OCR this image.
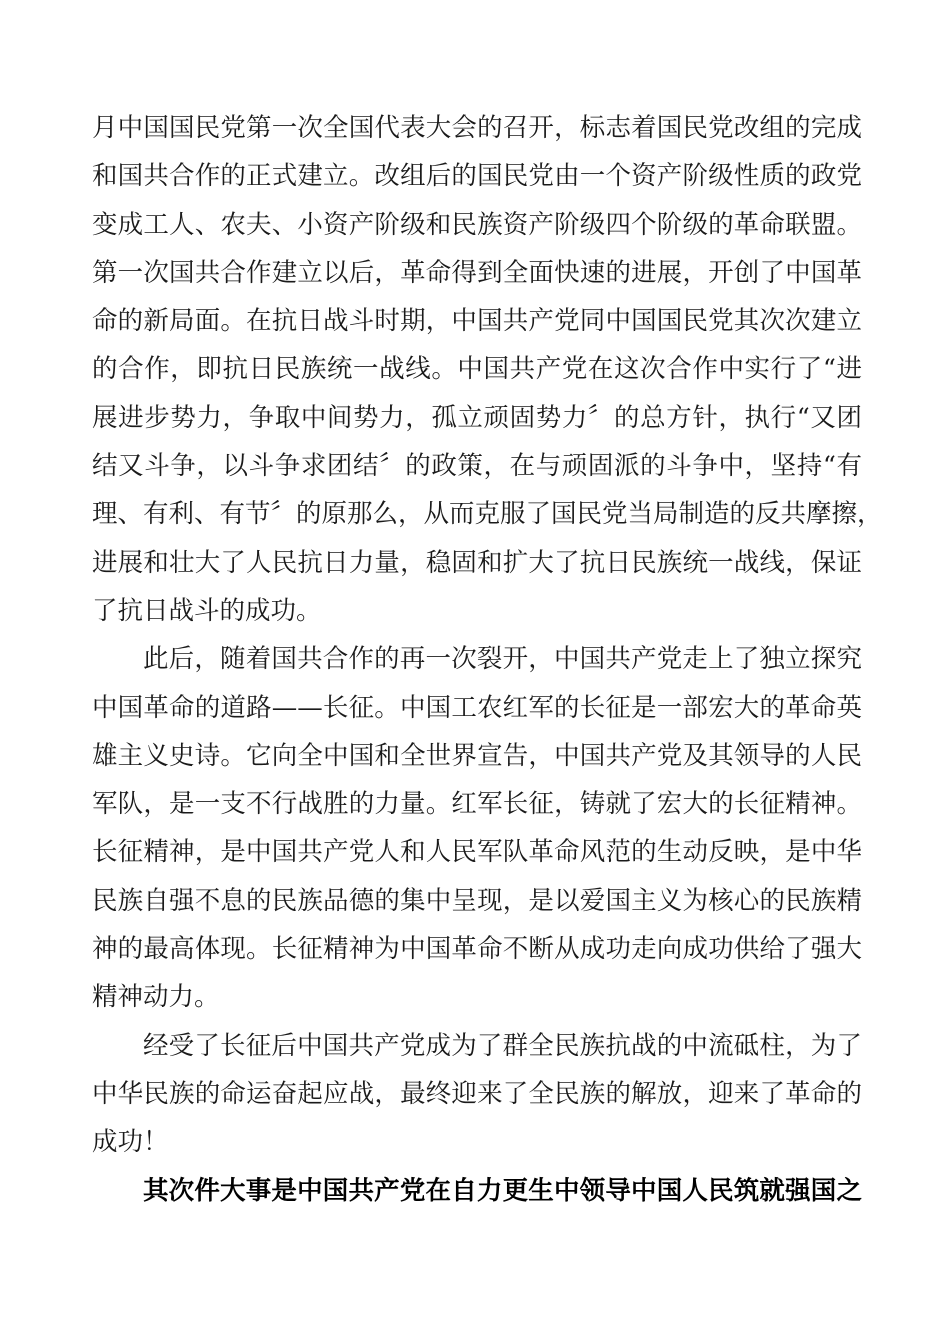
月中国国民党第一次全国代表大会的召开，标志着国民党改组的完成
和国共合作的正式建立。改组后的国民党由一个资产阶级性质的政党
变成工人、农夫、小资产阶级和民族资产阶级四个阶级的革命联盟。
第一次国共合作建立以后，革命得到全面快速的进展，开创了中国革
命的新局面。在抗日战斗时期，中国共产党同中国国民党其次次建立
的合作，即抗日民族统一战线。中国共产党在这次合作中实行了“进
展进步势力，争取中间势力，孤立顽固势力〞的总方针，执行“又团
结又斗争，以斗争求团结〞的政策，在与顽固派的斗争中，坚持“有
理、有利、有节〞的原那么，从而克服了国民党当局制造的反共摩擦，
进展和壮大了人民抗日力量，稳固和扩大了抗日民族统一战线，保证
了抗日战斗的成功。
此后，随着国共合作的再一次裂开，中国共产党走上了独立探究
中国革命的道路——长征。中国工农红军的长征是一部宏大的革命英
雄主义史诗。它向全中国和全世界宣告，中国共产党及其领导的人民
军队，是一支不行战胜的力量。红军长征，铸就了宏大的长征精神。
长征精神，是中国共产党人和人民军队革命风范的生动反映，是中华
民族自强不息的民族品德的集中呈现，是以爱国主义为核心的民族精
神的最高体现。长征精神为中国革命不断从成功走向成功供给了强大
精神动力。
经受了长征后中国共产党成为了群全民族抗战的中流砥柱，为了
中华民族的命运奋起应战，最终迎来了全民族的解放，迎来了革命的
成功！
其次件大事是中国共产党在自力更生中领导中国人民筑就强国之
